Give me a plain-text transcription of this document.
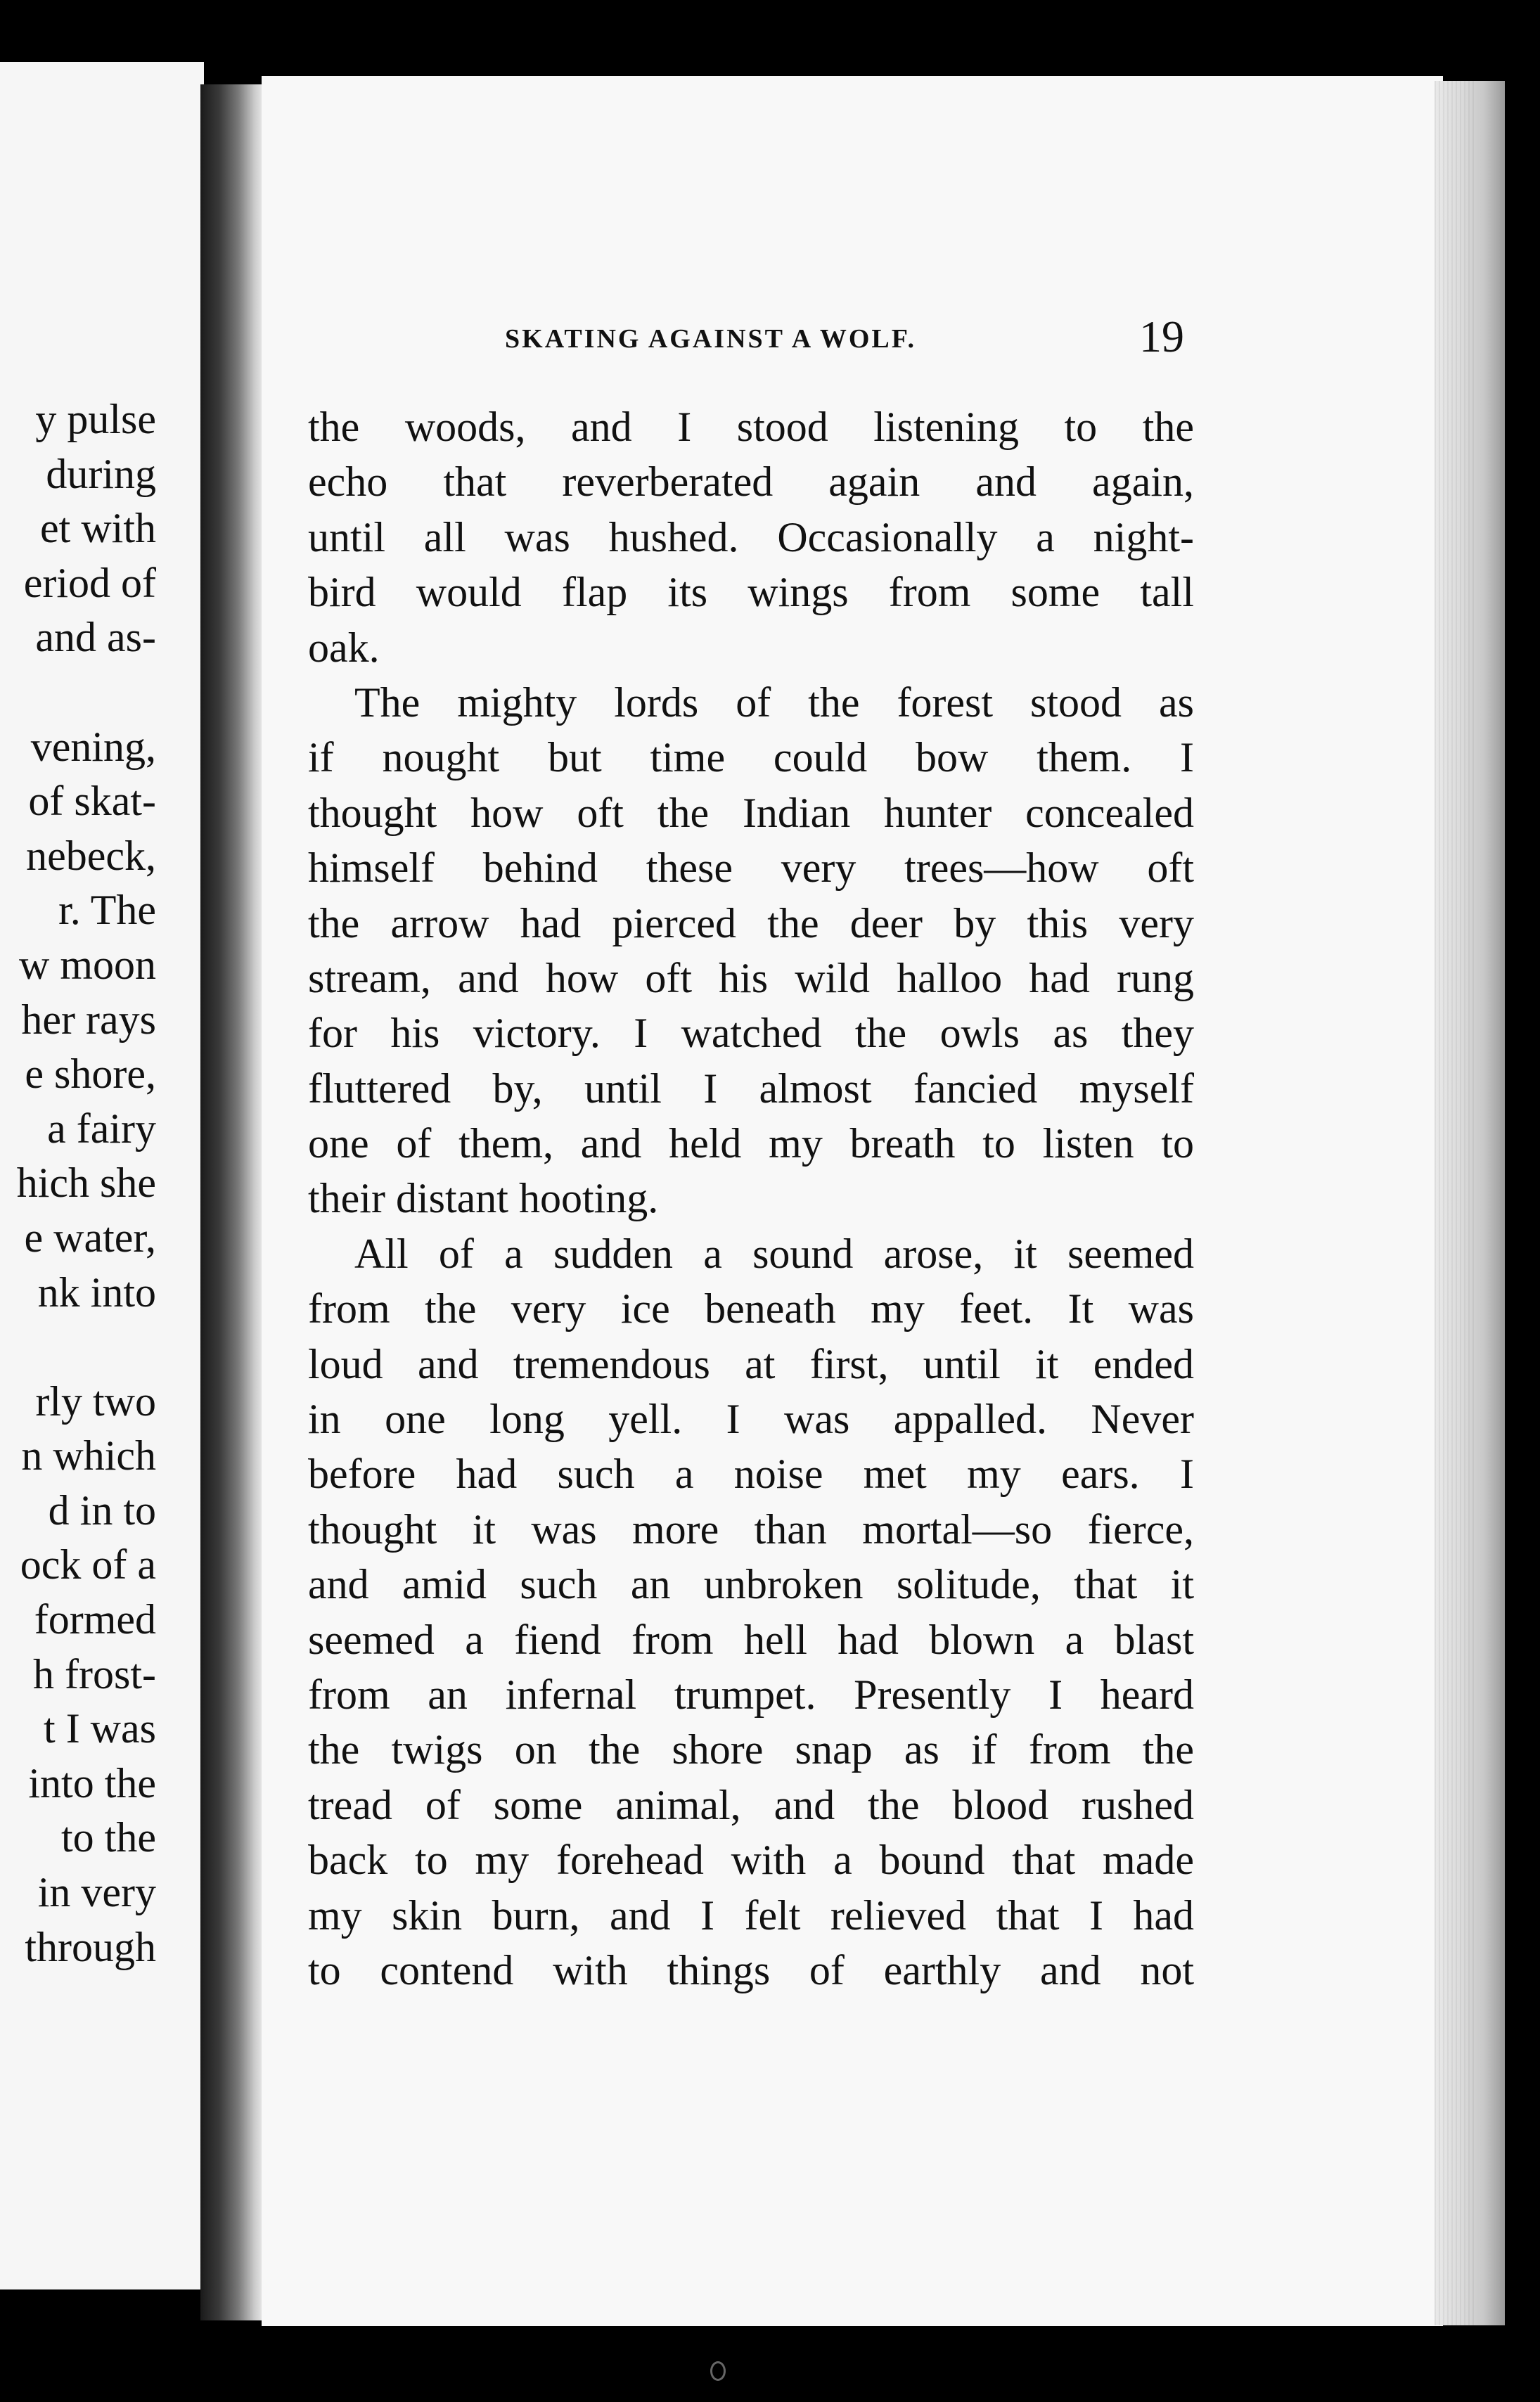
y pulse
during
et with
eriod of
and as-
vening,
of skat-
nebeck,
r. The
w moon
her rays
e shore,
a fairy
hich she
e water,
nk into
rly two
n which
d in to
ock of a
formed
h frost-
t I was
into the
to the
in very
through
SKATING AGAINST A WOLF.	19
the woods, and I stood listening to the
echo that reverberated again and again,
until all was hushed. Occasionally a night-
bird would flap its wings from some tall
oak.
The mighty lords of the forest stood as
if nought but time could bow them. I
thought how oft the Indian hunter concealed
himself behind these very trees—how oft
the arrow had pierced the deer by this very
stream, and how oft his wild halloo had rung
for his victory. I watched the owls as they
fluttered by, until I almost fancied myself
one of them, and held my breath to listen to
their distant hooting.
All of a sudden a sound arose, it seemed
from the very ice beneath my feet. It was
loud and tremendous at first, until it ended
in one long yell. I was appalled. Never
before had such a noise met my ears. I
thought it was more than mortal—so fierce,
and amid such an unbroken solitude, that it
seemed a fiend from hell had blown a blast
from an infernal trumpet. Presently I heard
the twigs on the shore snap as if from the
tread of some animal, and the blood rushed
back to my forehead with a bound that made
my skin burn, and I felt relieved that I had
to contend with things of earthly and not
